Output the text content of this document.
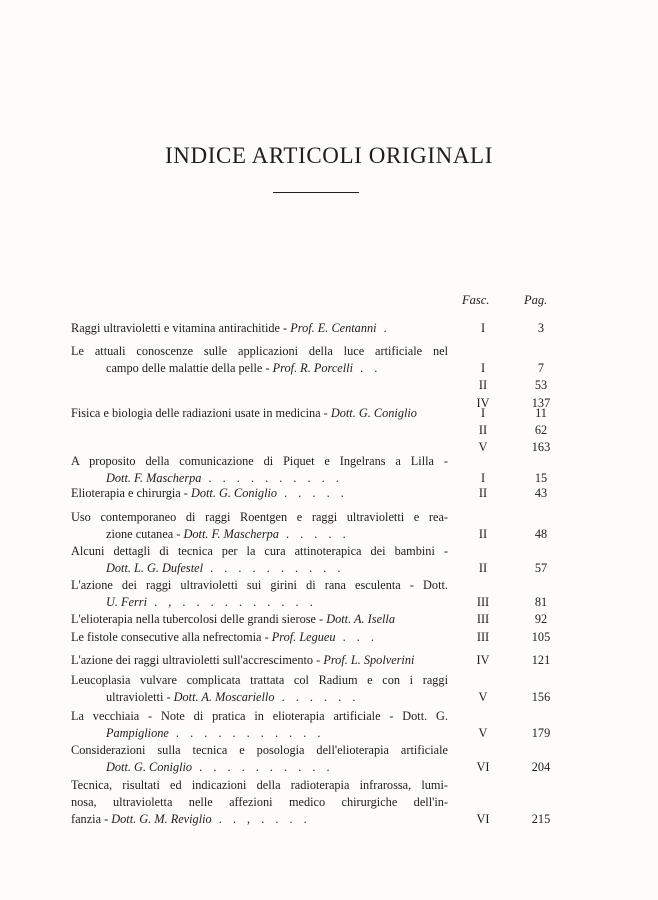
INDICE ARTICOLI ORIGINALI
Fasc.	Pag.
Raggi ultravioletti e vitamina antirachitide - Prof. E. Centanni .	I	3
Le attuali conoscenze sulle applicazioni della luce artificiale nel
campo delle malattie della pelle - Prof. R. Porcelli . .	I	7
II	53
IV	137
Fisica e biologia delle radiazioni usate in medicina - Dott. G. Coniglio	I	11
II	62
V	163
A proposito della comunicazione di Piquet e Ingelrans a Lilla -
Dott. F. Mascherpa . . . . . . . . . .	I	15
Elioterapia e chirurgia - Dott. G. Coniglio . . . . .	II	43
Uso contemporaneo di raggi Roentgen e raggi ultravioletti e rea-
zione cutanea - Dott. F. Mascherpa . . . . .	II	48
Alcuni dettagli di tecnica per la cura attinoterapica dei bambini -
Dott. L. G. Dufestel . . . . . . . . . .	II	57
L'azione dei raggi ultravioletti sui girini di rana esculenta - Dott.
U. Ferri . , . . . . . . . . . .	III	81
L'elioterapia nella tubercolosi delle grandi sierose - Dott. A. Isella	III	92
Le fistole consecutive alla nefrectomia - Prof. Legueu . . .	III	105
L'azione dei raggi ultravioletti sull'accrescimento - Prof. L. Spolverini	IV	121
Leucoplasia vulvare complicata trattata col Radium e con i raggi
ultravioletti - Dott. A. Moscariello . . . . . .	V	156
La vecchiaia - Note di pratica in elioterapia artificiale - Dott. G.
Pampiglione . . . . . . . . . . .	V	179
Considerazioni sulla tecnica e posologia dell'elioterapia artificiale
Dott. G. Coniglio . . . . . . . . . .	VI	204
Tecnica, risultati ed indicazioni della radioterapia infrarossa, lumi-
nosa, ultravioletta nelle affezioni medico chirurgiche dell'in-
fanzia - Dott. G. M. Reviglio . . , . . . .	VI	215
